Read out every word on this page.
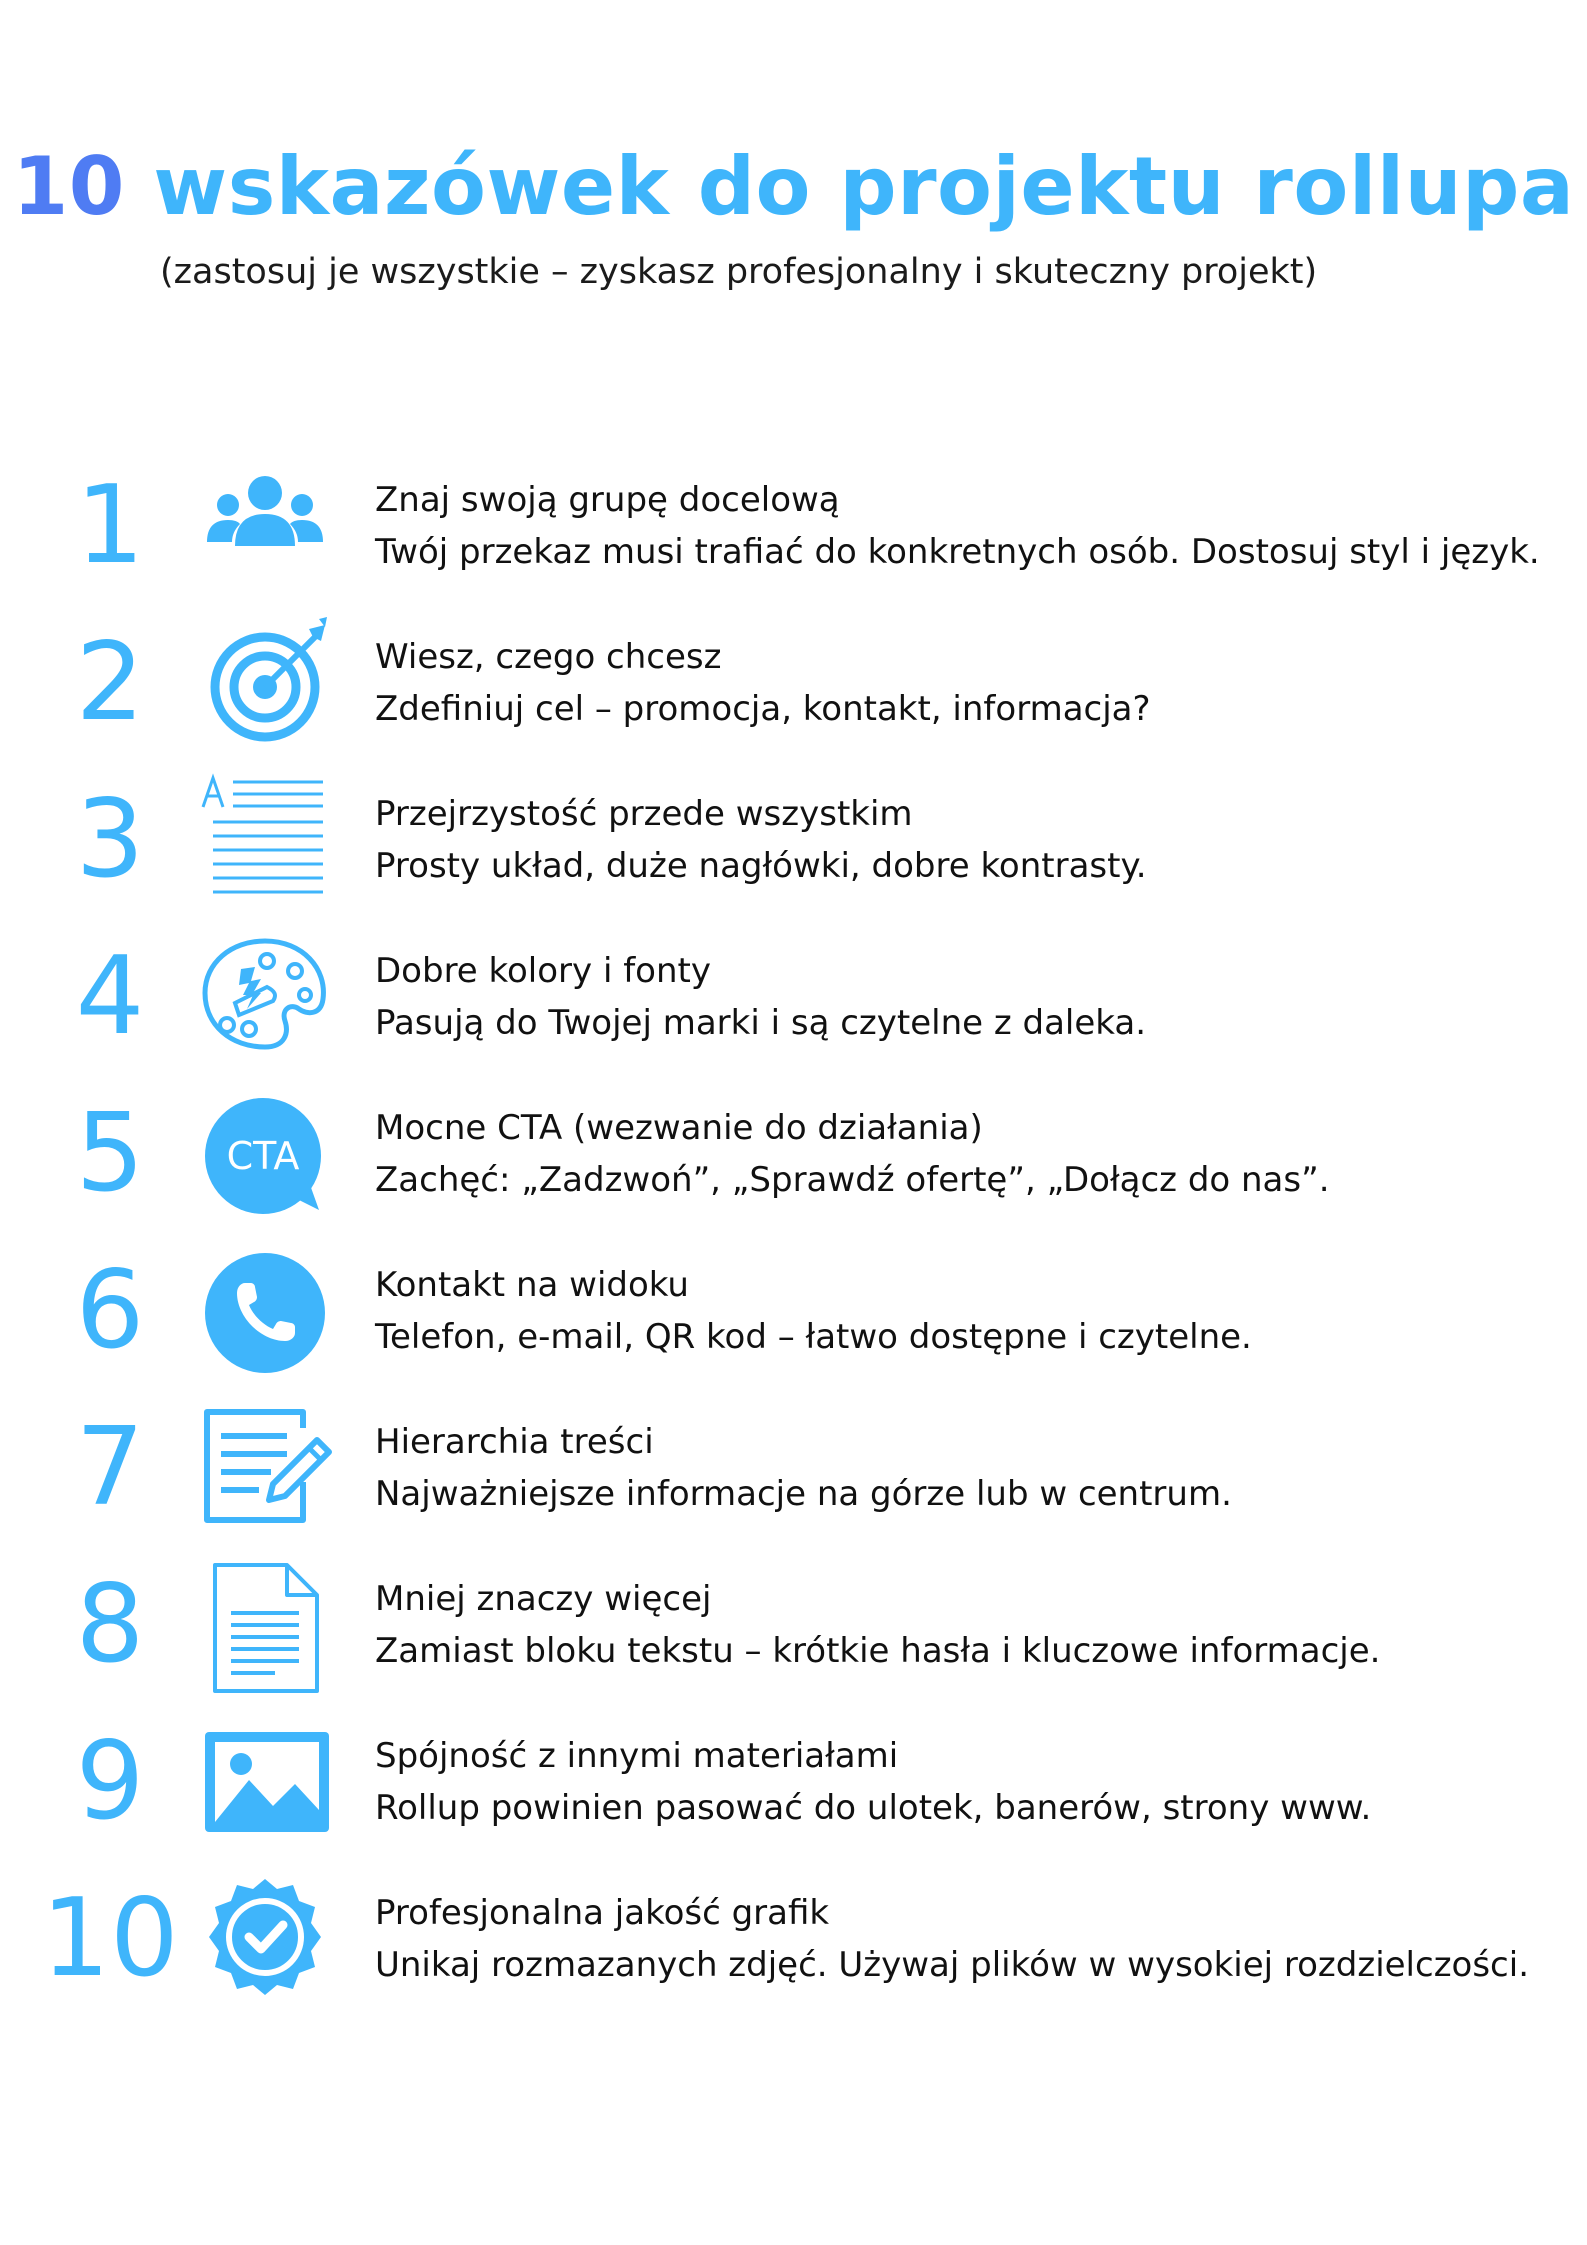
10 wskazówek do projektu rollupa
(zastosuj je wszystkie – zyskasz profesjonalny i skuteczny projekt)
1	Znaj swoją grupę docelową
Twój przekaz musi trafiać do konkretnych osób. Dostosuj styl i język.
2	Wiesz, czego chcesz
Zdefiniuj cel – promocja, kontakt, informacja?
3	Przejrzystość przede wszystkim
Prosty układ, duże nagłówki, dobre kontrasty.
4	Dobre kolory i fonty
Pasują do Twojej marki i są czytelne z daleka.
5	CTA
Mocne CTA (wezwanie do działania)
Zachęć: „Zadzwoń”, „Sprawdź ofertę”, „Dołącz do nas”.
6	Kontakt na widoku
Telefon, e-mail, QR kod – łatwo dostępne i czytelne.
7	Hierarchia treści
Najważniejsze informacje na górze lub w centrum.
8	Mniej znaczy więcej
Zamiast bloku tekstu – krótkie hasła i kluczowe informacje.
9	Spójność z innymi materiałami
Rollup powinien pasować do ulotek, banerów, strony www.
10	Profesjonalna jakość grafik
Unikaj rozmazanych zdjęć. Używaj plików w wysokiej rozdzielczości.
